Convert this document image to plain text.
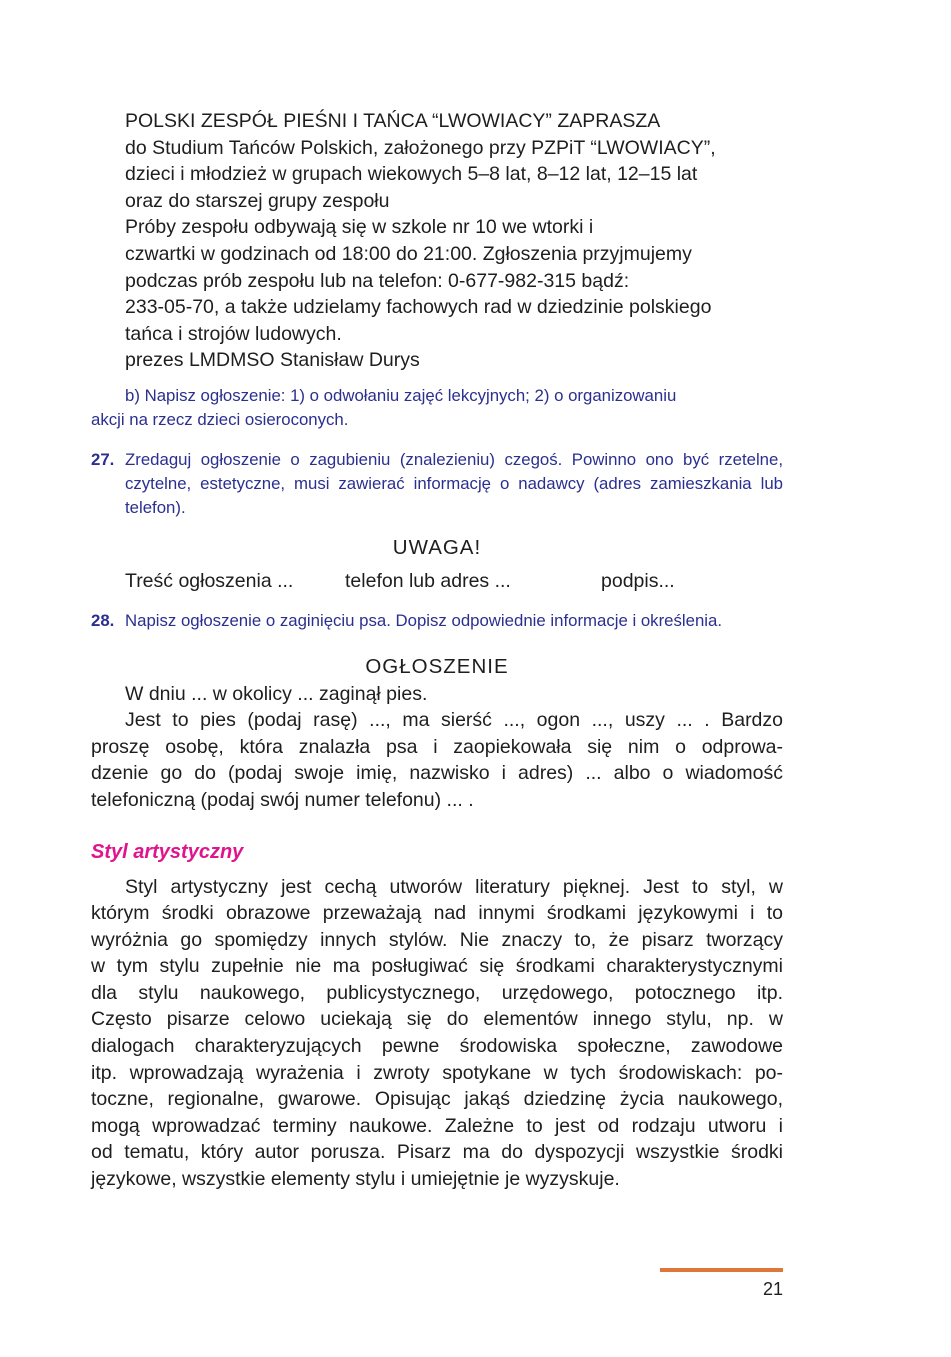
POLSKI ZESPÓŁ PIEŚNI I TAŃCA “LWOWIACY” ZAPRASZA
do Studium Tańców Polskich, założonego przy PZPiT “LWOWIACY”,
dzieci i młodzież w grupach wiekowych 5–8 lat, 8–12 lat, 12–15 lat
oraz do starszej grupy zespołu
Próby zespołu odbywają się w szkole nr 10 we wtorki i
czwartki w godzinach od 18:00 do 21:00. Zgłoszenia przyjmujemy
podczas prób zespołu lub na telefon: 0-677-982-315 bądź:
233-05-70, a także udzielamy fachowych rad w dziedzinie polskiego
tańca i strojów ludowych.
prezes LMDMSO Stanisław Durys
b) Napisz ogłoszenie: 1) o odwołaniu zajęć lekcyjnych; 2) o organizowaniu
akcji na rzecz dzieci osieroconych.
27. Zredaguj ogłoszenie o zagubieniu (znalezieniu) czegoś. Powinno ono być rzetelne, czytelne, estetyczne, musi zawierać informację o nadawcy (adres zamieszkania lub telefon).
UWAGA!
Treść ogłoszenia ...	telefon lub adres ...	podpis...
28. Napisz ogłoszenie o zaginięciu psa. Dopisz odpowiednie informacje i określenia.
OGŁOSZENIE
W dniu ... w okolicy ... zaginął pies.
Jest to pies (podaj rasę) ..., ma sierść ..., ogon ..., uszy ... . Bardzo
proszę osobę, która znalazła psa i zaopiekowała się nim o odprowa-
dzenie go do (podaj swoje imię, nazwisko i adres) ... albo o wiadomość
telefoniczną (podaj swój numer telefonu) ... .
Styl artystyczny
Styl artystyczny jest cechą utworów literatury pięknej. Jest to styl, w
którym środki obrazowe przeważają nad innymi środkami językowymi i to
wyróżnia go spomiędzy innych stylów. Nie znaczy to, że pisarz tworzący
w tym stylu zupełnie nie ma posługiwać się środkami charakterystycznymi
dla stylu naukowego, publicystycznego, urzędowego, potocznego itp.
Często pisarze celowo uciekają się do elementów innego stylu, np. w
dialogach charakteryzujących pewne środowiska społeczne, zawodowe
itp. wprowadzają wyrażenia i zwroty spotykane w tych środowiskach: po-
toczne, regionalne, gwarowe. Opisując jakąś dziedzinę życia naukowego,
mogą wprowadzać terminy naukowe. Zależne to jest od rodzaju utworu i
od tematu, który autor porusza. Pisarz ma do dyspozycji wszystkie środki
językowe, wszystkie elementy stylu i umiejętnie je wyzyskuje.
21
